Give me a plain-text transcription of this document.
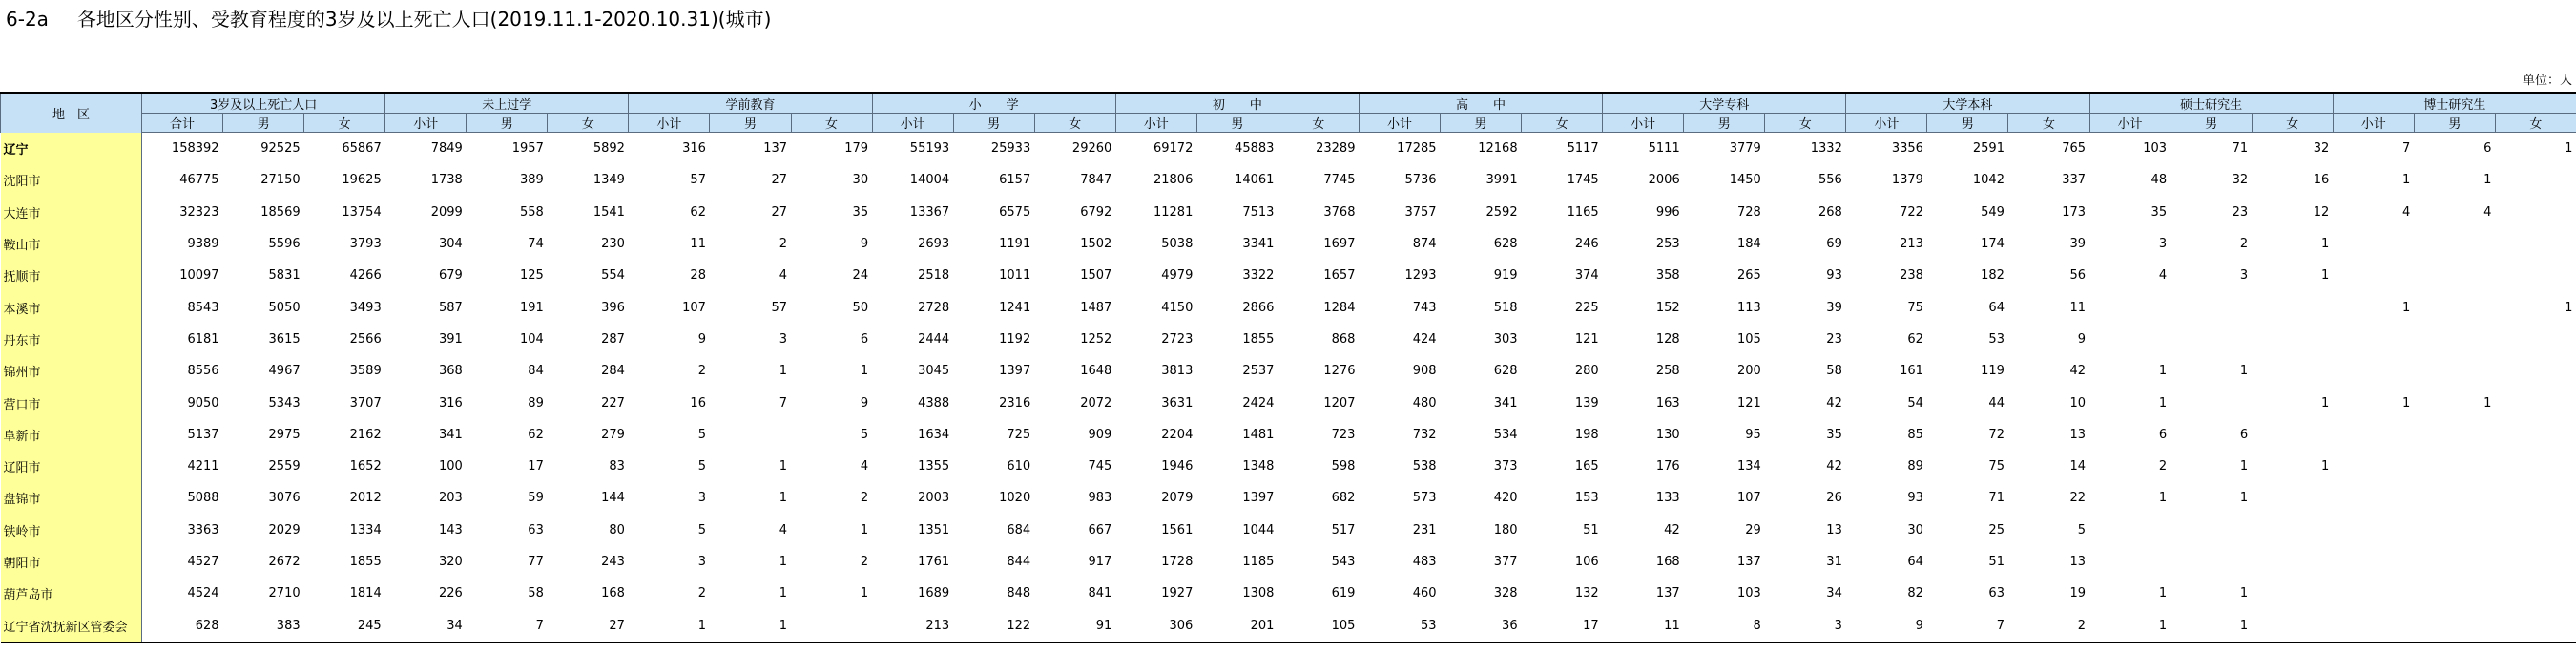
6-2a 各地区分性别、受教育程度的3岁及以上死亡人口(2019.11.1-2020.10.31)(城市)
单位：人
地　区	3岁及以上死亡人口			未上过学			学前教育			小　　学			初　　中			高　　中			大学专科			大学本科			硕士研究生			博士研究生		
	合计	男	女	小计	男	女	小计	男	女	小计	男	女	小计	男	女	小计	男	女	小计	男	女	小计	男	女	小计	男	女	小计	男	女
辽宁	158392	92525	65867	7849	1957	5892	316	137	179	55193	25933	29260	69172	45883	23289	17285	12168	5117	5111	3779	1332	3356	2591	765	103	71	32	7	6	1
沈阳市	46775	27150	19625	1738	389	1349	57	27	30	14004	6157	7847	21806	14061	7745	5736	3991	1745	2006	1450	556	1379	1042	337	48	32	16	1	1	
大连市	32323	18569	13754	2099	558	1541	62	27	35	13367	6575	6792	11281	7513	3768	3757	2592	1165	996	728	268	722	549	173	35	23	12	4	4	
鞍山市	9389	5596	3793	304	74	230	11	2	9	2693	1191	1502	5038	3341	1697	874	628	246	253	184	69	213	174	39	3	2	1			
抚顺市	10097	5831	4266	679	125	554	28	4	24	2518	1011	1507	4979	3322	1657	1293	919	374	358	265	93	238	182	56	4	3	1			
本溪市	8543	5050	3493	587	191	396	107	57	50	2728	1241	1487	4150	2866	1284	743	518	225	152	113	39	75	64	11				1		1
丹东市	6181	3615	2566	391	104	287	9	3	6	2444	1192	1252	2723	1855	868	424	303	121	128	105	23	62	53	9						
锦州市	8556	4967	3589	368	84	284	2	1	1	3045	1397	1648	3813	2537	1276	908	628	280	258	200	58	161	119	42	1	1				
营口市	9050	5343	3707	316	89	227	16	7	9	4388	2316	2072	3631	2424	1207	480	341	139	163	121	42	54	44	10	1		1	1	1	
阜新市	5137	2975	2162	341	62	279	5		5	1634	725	909	2204	1481	723	732	534	198	130	95	35	85	72	13	6	6				
辽阳市	4211	2559	1652	100	17	83	5	1	4	1355	610	745	1946	1348	598	538	373	165	176	134	42	89	75	14	2	1	1			
盘锦市	5088	3076	2012	203	59	144	3	1	2	2003	1020	983	2079	1397	682	573	420	153	133	107	26	93	71	22	1	1				
铁岭市	3363	2029	1334	143	63	80	5	4	1	1351	684	667	1561	1044	517	231	180	51	42	29	13	30	25	5						
朝阳市	4527	2672	1855	320	77	243	3	1	2	1761	844	917	1728	1185	543	483	377	106	168	137	31	64	51	13						
葫芦岛市	4524	2710	1814	226	58	168	2	1	1	1689	848	841	1927	1308	619	460	328	132	137	103	34	82	63	19	1	1				
辽宁省沈抚新区管委会	628	383	245	34	7	27	1	1		213	122	91	306	201	105	53	36	17	11	8	3	9	7	2	1	1				
